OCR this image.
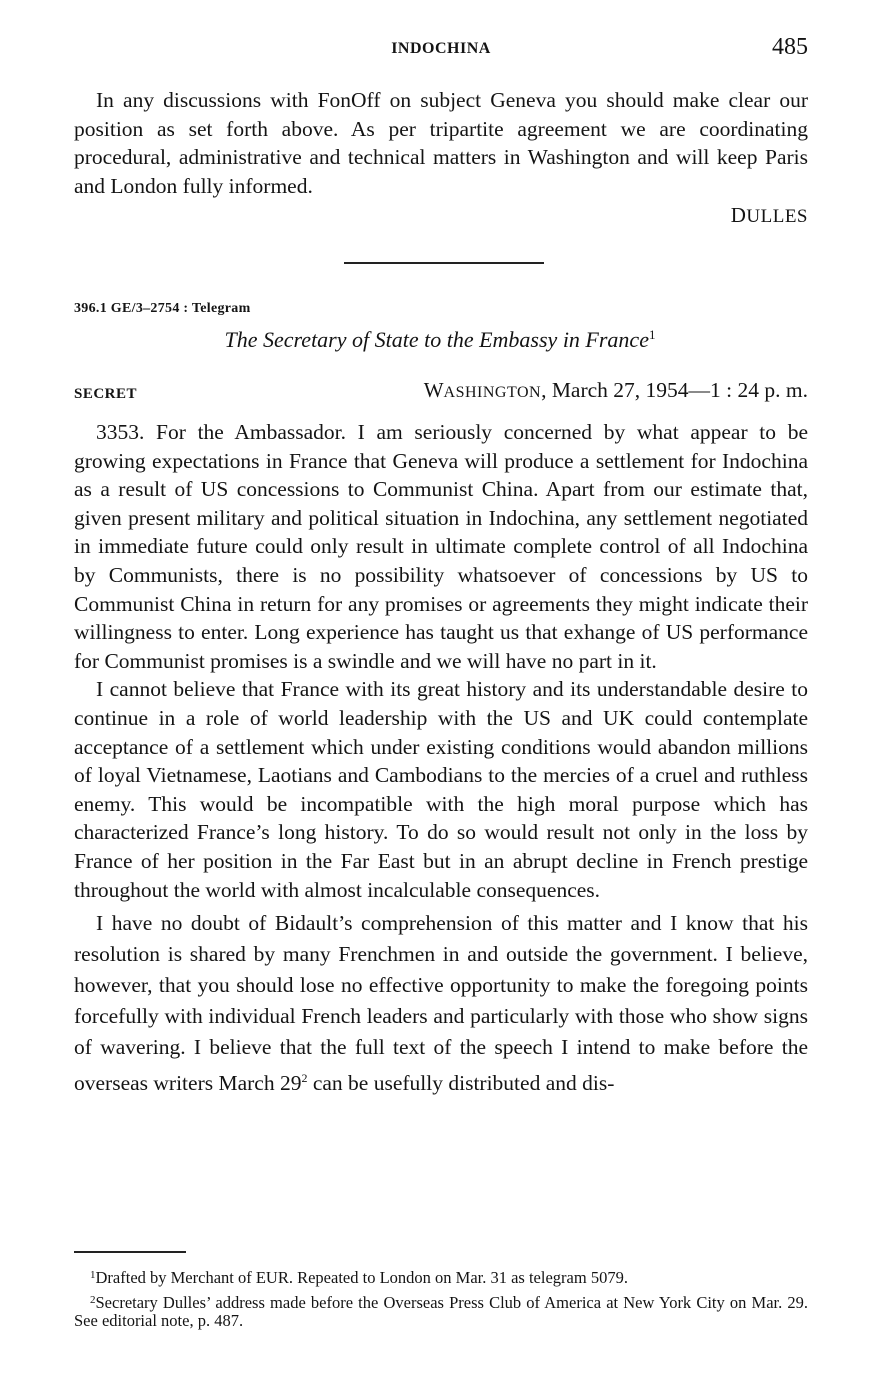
INDOCHINA	485

In any discussions with FonOff on subject Geneva you should make clear our position as set forth above. As per tripartite agreement we are coordinating procedural, administrative and technical matters in Washington and will keep Paris and London fully informed.

DULLES
396.1 GE/3–2754 : Telegram
The Secretary of State to the Embassy in France$^1$
SECRET	WASHINGTON, March 27, 1954—1 : 24 p. m.

3353. For the Ambassador. I am seriously concerned by what appear to be growing expectations in France that Geneva will produce a settlement for Indochina as a result of US concessions to Communist China. Apart from our estimate that, given present military and political situation in Indochina, any settlement negotiated in immediate future could only result in ultimate complete control of all Indochina by Communists, there is no possibility whatsoever of concessions by US to Communist China in return for any promises or agreements they might indicate their willingness to enter. Long experience has taught us that exhange of US performance for Communist promises is a swindle and we will have no part in it.

I cannot believe that France with its great history and its understandable desire to continue in a role of world leadership with the US and UK could contemplate acceptance of a settlement which under existing conditions would abandon millions of loyal Vietnamese, Laotians and Cambodians to the mercies of a cruel and ruthless enemy. This would be incompatible with the high moral purpose which has characterized France’s long history. To do so would result not only in the loss by France of her position in the Far East but in an abrupt decline in French prestige throughout the world with almost incalculable consequences.

I have no doubt of Bidault’s comprehension of this matter and I know that his resolution is shared by many Frenchmen in and outside the government. I believe, however, that you should lose no effective opportunity to make the foregoing points forcefully with individual French leaders and particularly with those who show signs of wavering. I believe that the full text of the speech I intend to make before the overseas writers March $29^2$ can be usefully distributed and dis-

$^1$Drafted by Merchant of EUR. Repeated to London on Mar. 31 as telegram 5079.

$^2$Secretary Dulles’ address made before the Overseas Press Club of America at New York City on Mar. 29. See editorial note, p. 487.
